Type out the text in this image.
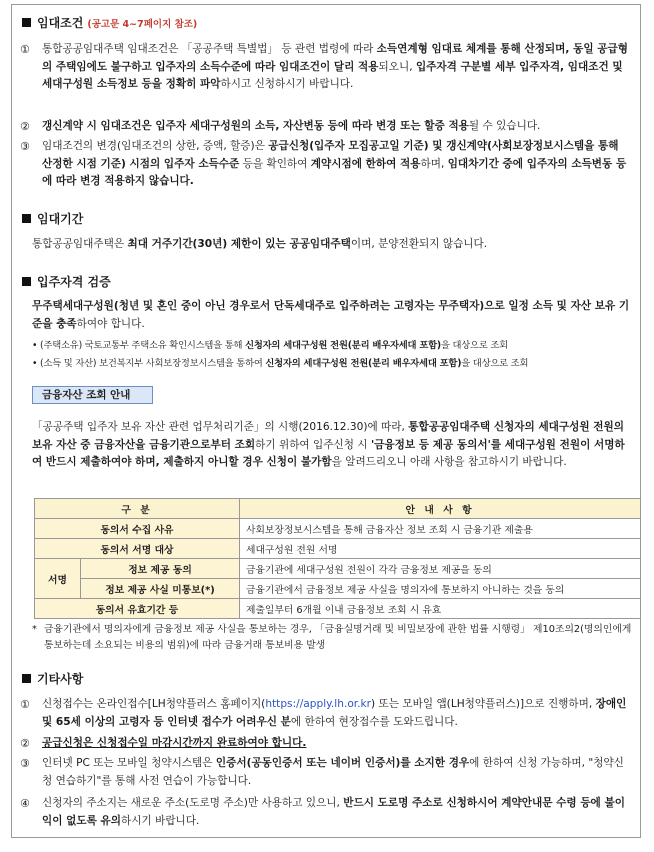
임대조건 (공고문 4~7페이지 참조)
① 통합공공임대주택 임대조건은 「공공주택 특별법」 등 관련 법령에 따라 소득연계형 임대료 체계를 통해 산정되며, 동일 공급형의 주택임에도 불구하고 입주자의 소득수준에 따라 임대조건이 달리 적용되오니, 입주자격 구분별 세부 입주자격, 임대조건 및 세대구성원 소득정보 등을 정확히 파악하시고 신청하시기 바랍니다.
② 갱신계약 시 임대조건은 입주자 세대구성원의 소득, 자산변동 등에 따라 변경 또는 할증 적용될 수 있습니다.
③ 임대조건의 변경(임대조건의 상한, 증액, 할증)은 공급신청(입주자 모집공고일 기준) 및 갱신계약(사회보장정보시스템을 통해 산정한 시점 기준) 시점의 입주자 소득수준 등을 확인하여 계약시점에 한하여 적용하며, 임대차기간 중에 입주자의 소득변동 등에 따라 변경 적용하지 않습니다.
임대기간
통합공공임대주택은 최대 거주기간(30년) 제한이 있는 공공임대주택이며, 분양전환되지 않습니다.
입주자격 검증
무주택세대구성원(청년 및 혼인 중이 아닌 경우로서 단독세대주로 입주하려는 고령자는 무주택자)으로 일정 소득 및 자산 보유 기준을 충족하여야 합니다.
• (주택소유) 국토교통부 주택소유 확인시스템을 통해 신청자의 세대구성원 전원(분리 배우자세대 포함)을 대상으로 조회
• (소득 및 자산) 보건복지부 사회보장정보시스템을 통하여 신청자의 세대구성원 전원(분리 배우자세대 포함)을 대상으로 조회
금융자산 조회 안내
「공공주택 입주자 보유 자산 관련 업무처리기준」의 시행(2016.12.30)에 따라, 통합공공임대주택 신청자의 세대구성원 전원의 보유 자산 중 금융자산을 금융기관으로부터 조회하기 위하여 입주신청 시 '금융정보 등 제공 동의서'를 세대구성원 전원이 서명하여 반드시 제출하여야 하며, 제출하지 아니할 경우 신청이 불가함을 알려드리오니 아래 사항을 참고하시기 바랍니다.
구 분		안 내 사 항
동의서 수집 사유		사회보장정보시스템을 통해 금융자산 정보 조회 시 금융기관 제출용
동의서 서명 대상		세대구성원 전원 서명
서명	정보 제공 동의	금융기관에 세대구성원 전원이 각각 금융정보 제공을 동의
	정보 제공 사실 미통보(*)	금융기관에서 금융정보 제공 사실을 명의자에 통보하지 아니하는 것을 동의
동의서 유효기간 등		제출일부터 6개월 이내 금융정보 조회 시 유효
* 금융기관에서 명의자에게 금융정보 제공 사실을 통보하는 경우, 「금융실명거래 및 비밀보장에 관한 법률 시행령」 제10조의2(명의인에게 통보하는데 소요되는 비용의 범위)에 따라 금융거래 통보비용 발생
기타사항
① 신청접수는 온라인접수[LH청약플러스 홈페이지(https://apply.lh.or.kr) 또는 모바일 앱(LH청약플러스)]으로 진행하며, 장애인 및 65세 이상의 고령자 등 인터넷 접수가 어려우신 분에 한하여 현장접수를 도와드립니다.
② 공급신청은 신청접수일 마감시간까지 완료하여야 합니다.
③ 인터넷 PC 또는 모바일 청약시스템은 인증서(공동인증서 또는 네이버 인증서)를 소지한 경우에 한하여 신청 가능하며, "청약신청 연습하기"를 통해 사전 연습이 가능합니다.
④ 신청자의 주소지는 새로운 주소(도로명 주소)만 사용하고 있으니, 반드시 도로명 주소로 신청하시어 계약안내문 수령 등에 불이익이 없도록 유의하시기 바랍니다.
